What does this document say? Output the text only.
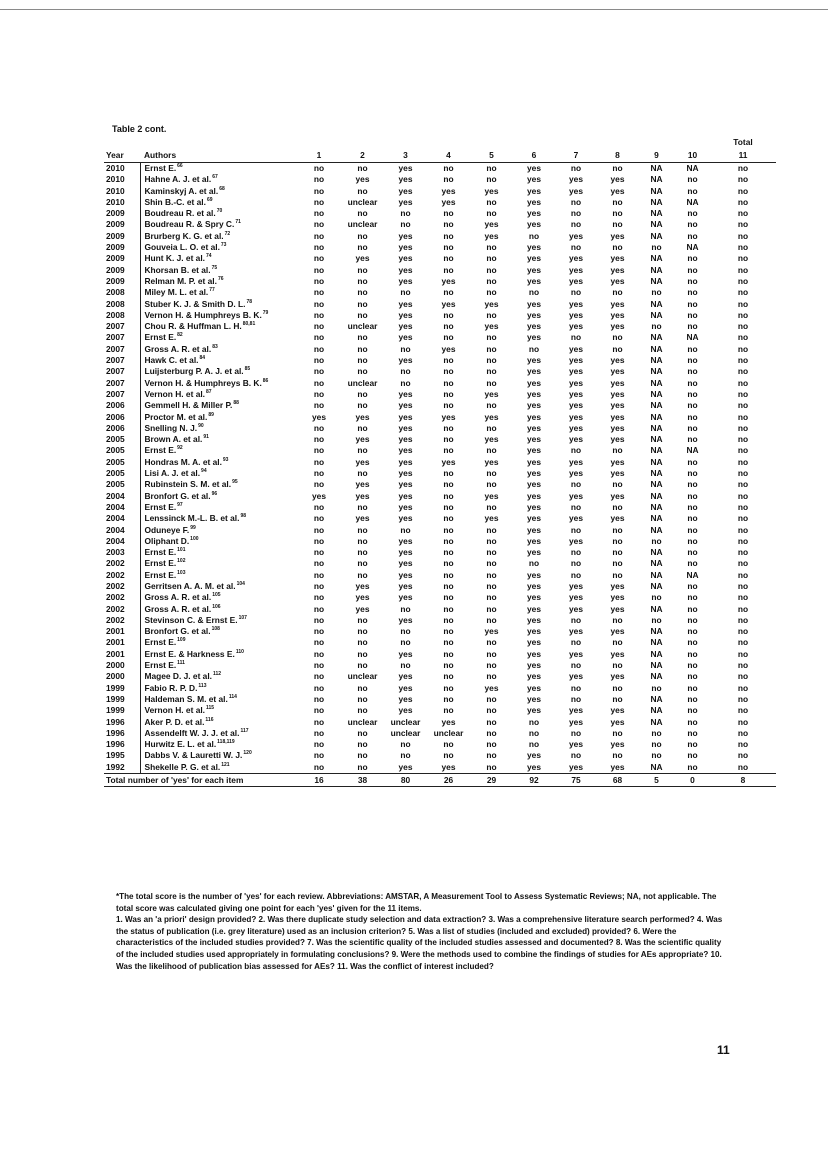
Table 2 cont.
												Total	
Year	Authors	1	2	3	4	5	6	7	8	9	10	11	
2010	Ernst E.$^{66}$	no	no	yes	no	no	yes	no	no	NA	NA	no	
2010	Hahne A. J. et al.$^{67}$	no	yes	yes	no	no	yes	yes	yes	NA	no	no	
2010	Kaminskyj A. et al.$^{68}$	no	no	yes	yes	yes	yes	yes	yes	NA	no	no	
2010	Shin B.-C. et al.$^{69}$	no	unclear	yes	yes	no	yes	no	no	NA	NA	no	
2009	Boudreau R. et al.$^{70}$	no	no	no	no	no	yes	no	no	NA	no	no	
2009	Boudreau R. & Spry C.$^{71}$	no	unclear	no	no	yes	yes	no	no	NA	no	no	
2009	Brurberg K. G. et al.$^{72}$	no	no	yes	no	yes	no	yes	yes	NA	no	no	
2009	Gouveia L. O. et al.$^{73}$	no	no	yes	no	no	yes	no	no	no	NA	no	
2009	Hunt K. J. et al.$^{74}$	no	yes	yes	no	no	yes	yes	yes	NA	no	no	
2009	Khorsan B. et al.$^{75}$	no	no	yes	no	no	yes	yes	yes	NA	no	no	
2009	Relman M. P. et al.$^{76}$	no	no	yes	yes	no	yes	yes	yes	NA	no	no	
2008	Miley M. L. et al.$^{77}$	no	no	no	no	no	no	no	no	no	no	no	
2008	Stuber K. J. & Smith D. L.$^{78}$	no	no	yes	yes	yes	yes	yes	yes	NA	no	no	
2008	Vernon H. & Humphreys B. K.$^{79}$	no	no	yes	no	no	yes	yes	yes	NA	no	no	
2007	Chou R. & Huffman L. H.$^{80,81}$	no	unclear	yes	no	yes	yes	yes	yes	no	no	no	
2007	Ernst E.$^{82}$	no	no	yes	no	no	yes	no	no	NA	NA	no	
2007	Gross A. R. et al.$^{83}$	no	no	no	yes	no	no	yes	no	NA	no	no	
2007	Hawk C. et al.$^{84}$	no	no	yes	no	no	yes	yes	yes	NA	no	no	
2007	Luijsterburg P. A. J. et al.$^{85}$	no	no	no	no	no	yes	yes	yes	NA	no	no	
2007	Vernon H. & Humphreys B. K.$^{86}$	no	unclear	no	no	no	yes	yes	yes	NA	no	no	
2007	Vernon H. et al.$^{87}$	no	no	yes	no	yes	yes	yes	yes	NA	no	no	
2006	Gemmell H. & Miller P.$^{88}$	no	no	yes	no	no	yes	yes	yes	NA	no	no	
2006	Proctor M. et al.$^{89}$	yes	yes	yes	yes	yes	yes	yes	yes	NA	no	no	
2006	Snelling N. J.$^{90}$	no	no	yes	no	no	yes	yes	yes	NA	no	no	
2005	Brown A. et al.$^{91}$	no	yes	yes	no	yes	yes	yes	yes	NA	no	no	
2005	Ernst E.$^{92}$	no	no	yes	no	no	yes	no	no	NA	NA	no	
2005	Hondras M. A. et al.$^{93}$	no	yes	yes	yes	yes	yes	yes	yes	NA	no	no	
2005	Lisi A. J. et al.$^{94}$	no	no	yes	no	no	yes	yes	yes	NA	no	no	
2005	Rubinstein S. M. et al.$^{95}$	no	yes	yes	no	no	yes	no	no	NA	no	no	
2004	Bronfort G. et al.$^{96}$	yes	yes	yes	no	yes	yes	yes	yes	NA	no	no	
2004	Ernst E.$^{97}$	no	no	yes	no	no	yes	no	no	NA	no	no	
2004	Lenssinck M.-L. B. et al.$^{98}$	no	yes	yes	no	yes	yes	yes	yes	NA	no	no	
2004	Oduneye F.$^{99}$	no	no	no	no	no	yes	no	no	NA	no	no	
2004	Oliphant D.$^{100}$	no	no	yes	no	no	yes	yes	no	no	no	no	
2003	Ernst E.$^{101}$	no	no	yes	no	no	yes	no	no	NA	no	no	
2002	Ernst E.$^{102}$	no	no	yes	no	no	no	no	no	NA	no	no	
2002	Ernst E.$^{103}$	no	no	yes	no	no	yes	no	no	NA	NA	no	
2002	Gerritsen A. A. M. et al.$^{104}$	no	yes	yes	no	no	yes	yes	yes	NA	no	no	
2002	Gross A. R. et al.$^{105}$	no	yes	yes	no	no	yes	yes	yes	no	no	no	
2002	Gross A. R. et al.$^{106}$	no	yes	no	no	no	yes	yes	yes	NA	no	no	
2002	Stevinson C. & Ernst E.$^{107}$	no	no	yes	no	no	yes	no	no	no	no	no	
2001	Bronfort G. et al.$^{108}$	no	no	no	no	yes	yes	yes	yes	NA	no	no	
2001	Ernst E.$^{109}$	no	no	no	no	no	yes	no	no	NA	no	no	
2001	Ernst E. & Harkness E.$^{110}$	no	no	yes	no	no	yes	yes	yes	NA	no	no	
2000	Ernst E.$^{111}$	no	no	no	no	no	yes	no	no	NA	no	no	
2000	Magee D. J. et al.$^{112}$	no	unclear	yes	no	no	yes	yes	yes	NA	no	no	
1999	Fabio R. P. D.$^{113}$	no	no	yes	no	yes	yes	no	no	no	no	no	
1999	Haldeman S. M. et al.$^{114}$	no	no	yes	no	no	yes	no	no	NA	no	no	
1999	Vernon H. et al.$^{115}$	no	no	yes	no	no	yes	yes	yes	NA	no	no	
1996	Aker P. D. et al.$^{116}$	no	unclear	unclear	yes	no	no	yes	yes	NA	no	no	
1996	Assendelft W. J. J. et al.$^{117}$	no	no	unclear	unclear	no	no	no	no	no	no	no	
1996	Hurwitz E. L. et al.$^{118,119}$	no	no	no	no	no	no	yes	yes	no	no	no	
1995	Dabbs V. & Lauretti W. J.$^{120}$	no	no	no	no	no	yes	no	no	no	no	no	
1992	Shekelle P. G. et al.$^{121}$	no	no	yes	yes	no	yes	yes	yes	NA	no	no	
Total number of 'yes' for each item		16	38	80	26	29	92	75	68	5	0	8	

*The total score is the number of 'yes' for each review. Abbreviations: AMSTAR, A Measurement Tool to Assess Systematic Reviews; NA, not applicable. The total score was calculated giving one point for each 'yes' given for the 11 items.

1. Was an 'a priori' design provided? 2. Was there duplicate study selection and data extraction? 3. Was a comprehensive literature search performed? 4. Was the status of publication (i.e. grey literature) used as an inclusion criterion? 5. Was a list of studies (included and excluded) provided? 6. Were the characteristics of the included studies provided? 7. Was the scientific quality of the included studies assessed and documented? 8. Was the scientific quality of the included studies used appropriately in formulating conclusions? 9. Were the methods used to combine the findings of studies for AEs appropriate? 10. Was the likelihood of publication bias assessed for AEs? 11. Was the conflict of interest included?

11
